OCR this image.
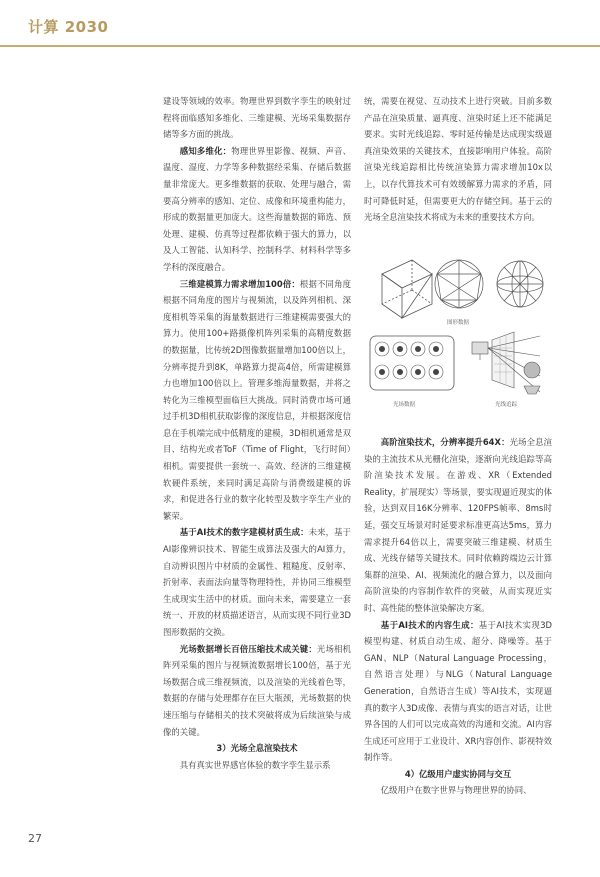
计算 2030

建设等领域的效率。物理世界到数字孪生的映射过程将面临感知多维化、三维建模、光场采集数据存储等多方面的挑战。

感知多维化：物理世界里影像、视频、声音、温度、湿度、力学等多种数据经采集、存储后数据量非常庞大。更多维数据的获取、处理与融合，需要高分辨率的感知、定位、成像和环境重构能力，形成的数据量更加庞大。这些海量数据的筛选、预处理、建模、仿真等过程都依赖于强大的算力，以及人工智能、认知科学、控制科学、材料科学等多学科的深度融合。

三维建模算力需求增加100倍：根据不同角度根据不同角度的图片与视频流，以及阵列相机、深度相机等采集的海量数据进行三维建模需要强大的算力。使用100+路摄像机阵列采集的高精度数据的数据量，比传统2D图像数据量增加100倍以上，分辨率提升到8K，单路算力提高4倍，所需建模算力也增加100倍以上。管理多维海量数据，并将之转化为三维模型面临巨大挑战。同时消费市场可通过手机3D相机获取影像的深度信息，并根据深度信息在手机端完成中低精度的建模，3D相机通常是双目、结构光或者ToF（Time of Flight，飞行时间）相机。需要提供一套统一、高效、经济的三维建模软硬件系统，来同时满足高阶与消费级建模的诉求，和促进各行业的数字化转型及数字孪生产业的繁荣。

基于AI技术的数字建模材质生成：未来，基于AI影像辨识技术、智能生成算法及强大的AI算力，自动辨识图片中材质的金属性、粗糙度、反射率、折射率、表面法向量等物理特性，并协同三维模型生成现实生活中的材质。面向未来，需要建立一套统一、开放的材质描述语言，从而实现不同行业3D图形数据的交换。

光场数据增长百倍压缩技术成关键：光场相机阵列采集的图片与视频流数据增长100倍，基于光场数据合成三维视频流，以及渲染的光线着色等，数据的存储与处理都存在巨大瓶颈，光场数据的快速压缩与存储相关的技术突破将成为后续渲染与成像的关键。

3）光场全息渲染技术

具有真实世界感官体验的数字孪生显示系

统，需要在视觉、互动技术上进行突破。目前多数产品在渲染质量、逼真度、渲染时延上还不能满足要求。实时光线追踪、零时延传输是达成现实级逼真渲染效果的关键技术，直接影响用户体验。高阶渲染光线追踪相比传统渲染算力需求增加10x以上，以存代算技术可有效缓解算力需求的矛盾，同时可降低时延，但需要更大的存储空间。基于云的光场全息渲染技术将成为未来的重要技术方向。

图形数据
光场数据	光线追踪

高阶渲染技术，分辨率提升64X：光场全息渲染的主流技术从光栅化渲染，逐渐向光线追踪等高阶渲染技术发展。在游戏、XR（Extended Reality，扩展现实）等场景，要实现逼近现实的体验，达到双目16K分辨率、120FPS帧率、8ms时延，强交互场景对时延要求标准更高达5ms，算力需求提升64倍以上，需要突破三维建模、材质生成、光线存储等关键技术。同时依赖跨端边云计算集群的渲染、AI、视频流化的融合算力，以及面向高阶渲染的内容制作软件的突破，从而实现近实时、高性能的整体渲染解决方案。

基于AI技术的内容生成：基于AI技术实现3D模型构建、材质自动生成、超分、降噪等。基于GAN、NLP（Natural Language Processing，自然语言处理）与NLG（Natural Language Generation，自然语言生成）等AI技术，实现逼真的数字人3D成像、表情与真实的语言对话，让世界各国的人们可以完成高效的沟通和交流。AI内容生成还可应用于工业设计、XR内容创作、影视特效制作等。

4）亿级用户虚实协同与交互

亿级用户在数字世界与物理世界的协同、

27
